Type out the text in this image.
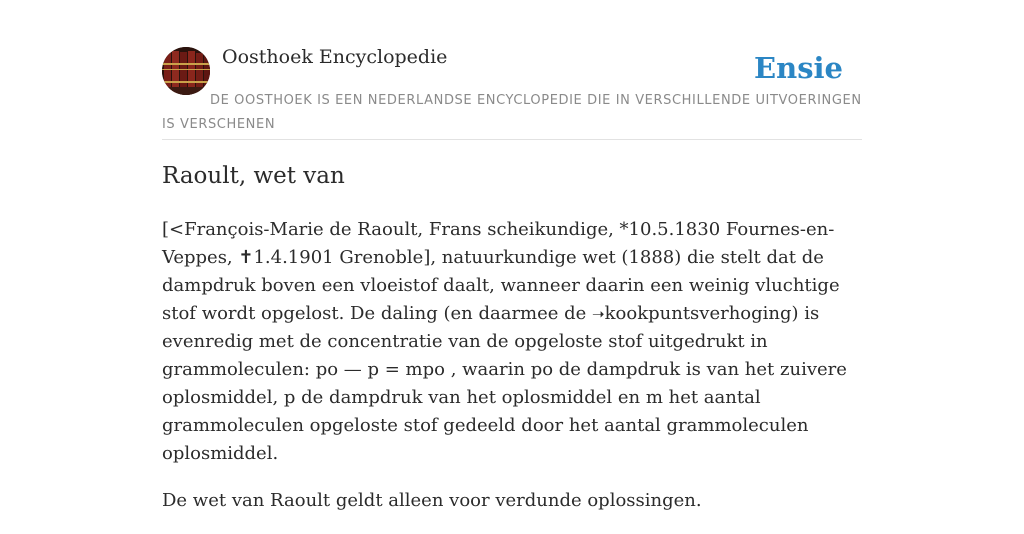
Oosthoek Encyclopedie	Ensie
DE OOSTHOEK IS EEN NEDERLANDSE ENCYCLOPEDIE DIE IN VERSCHILLENDE UITVOERINGEN IS VERSCHENEN
Raoult, wet van

[<François-Marie de Raoult, Frans scheikundige, *10.5.1830 Fournes-en-Veppes, ✝1.4.1901 Grenoble], natuurkundige wet (1888) die stelt dat de dampdruk boven een vloeistof daalt, wanneer daarin een weinig vluchtige stof wordt opgelost. De daling (en daarmee de ➝kookpuntsverhoging) is evenredig met de concentratie van de opgeloste stof uitgedrukt in grammoleculen: po — p = mpo , waarin po de dampdruk is van het zuivere oplosmiddel, p de dampdruk van het oplosmiddel en m het aantal grammoleculen opgeloste stof gedeeld door het aantal grammoleculen oplosmiddel.

De wet van Raoult geldt alleen voor verdunde oplossingen.
